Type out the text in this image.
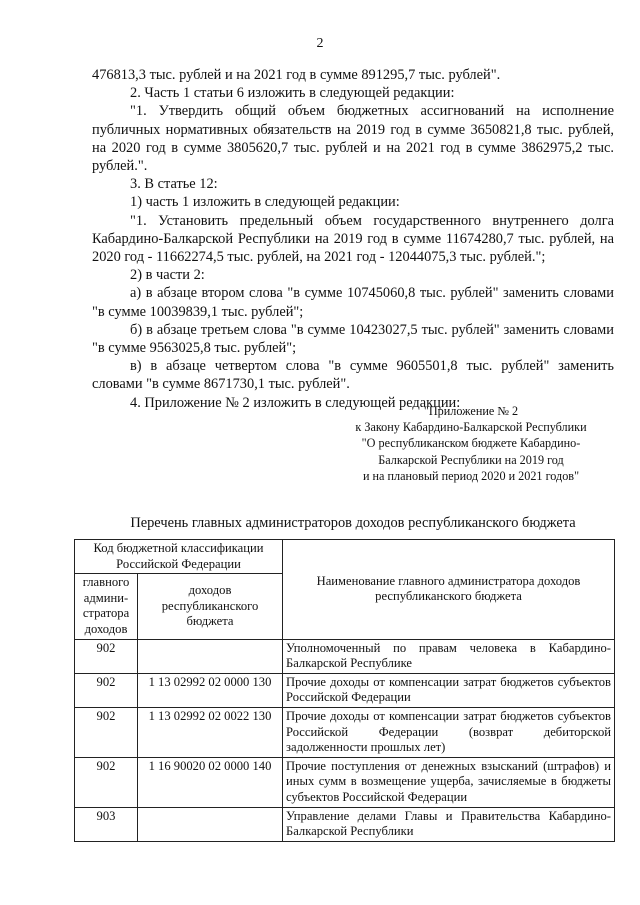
2

476813,3 тыс. рублей и на 2021 год в сумме 891295,7 тыс. рублей".

2. Часть 1 статьи 6 изложить в следующей редакции:

"1. Утвердить общий объем бюджетных ассигнований на исполнение публичных нормативных обязательств на 2019 год в сумме 3650821,8 тыс. рублей, на 2020 год в сумме 3805620,7 тыс. рублей и на 2021 год в сумме 3862975,2 тыс. рублей.".

3. В статье 12:

1) часть 1 изложить в следующей редакции:

"1. Установить предельный объем государственного внутреннего долга Кабардино-Балкарской Республики на 2019 год в сумме 11674280,7 тыс. рублей, на 2020 год - 11662274,5 тыс. рублей, на 2021 год - 12044075,3 тыс. рублей.";

2) в части 2:

а) в абзаце втором слова "в сумме 10745060,8 тыс. рублей" заменить словами "в сумме 10039839,1 тыс. рублей";

б) в абзаце третьем слова "в сумме 10423027,5 тыс. рублей" заменить словами "в сумме 9563025,8 тыс. рублей";

в) в абзаце четвертом слова "в сумме 9605501,8 тыс. рублей" заменить словами "в сумме 8671730,1 тыс. рублей".

4. Приложение № 2 изложить в следующей редакции:

"Приложение № 2
к Закону Кабардино-Балкарской Республики
"О республиканском бюджете Кабардино-
Балкарской Республики на 2019 год
и на плановый период 2020 и 2021 годов"
Перечень главных администраторов доходов республиканского бюджета
Код бюджетной классификации Российской Федерации		Наименование главного администратора доходов республиканского бюджета
главного админи-стратора доходов	доходов республиканского бюджета	
902		Уполномоченный по правам человека в Кабардино-Балкарской Республике
902	1 13 02992 02 0000 130	Прочие доходы от компенсации затрат бюджетов субъектов Российской Федерации
902	1 13 02992 02 0022 130	Прочие доходы от компенсации затрат бюджетов субъектов Российской Федерации (возврат дебиторской задолженности прошлых лет)
902	1 16 90020 02 0000 140	Прочие поступления от денежных взысканий (штрафов) и иных сумм в возмещение ущерба, зачисляемые в бюджеты субъектов Российской Федерации
903		Управление делами Главы и Правительства Кабардино-Балкарской Республики
